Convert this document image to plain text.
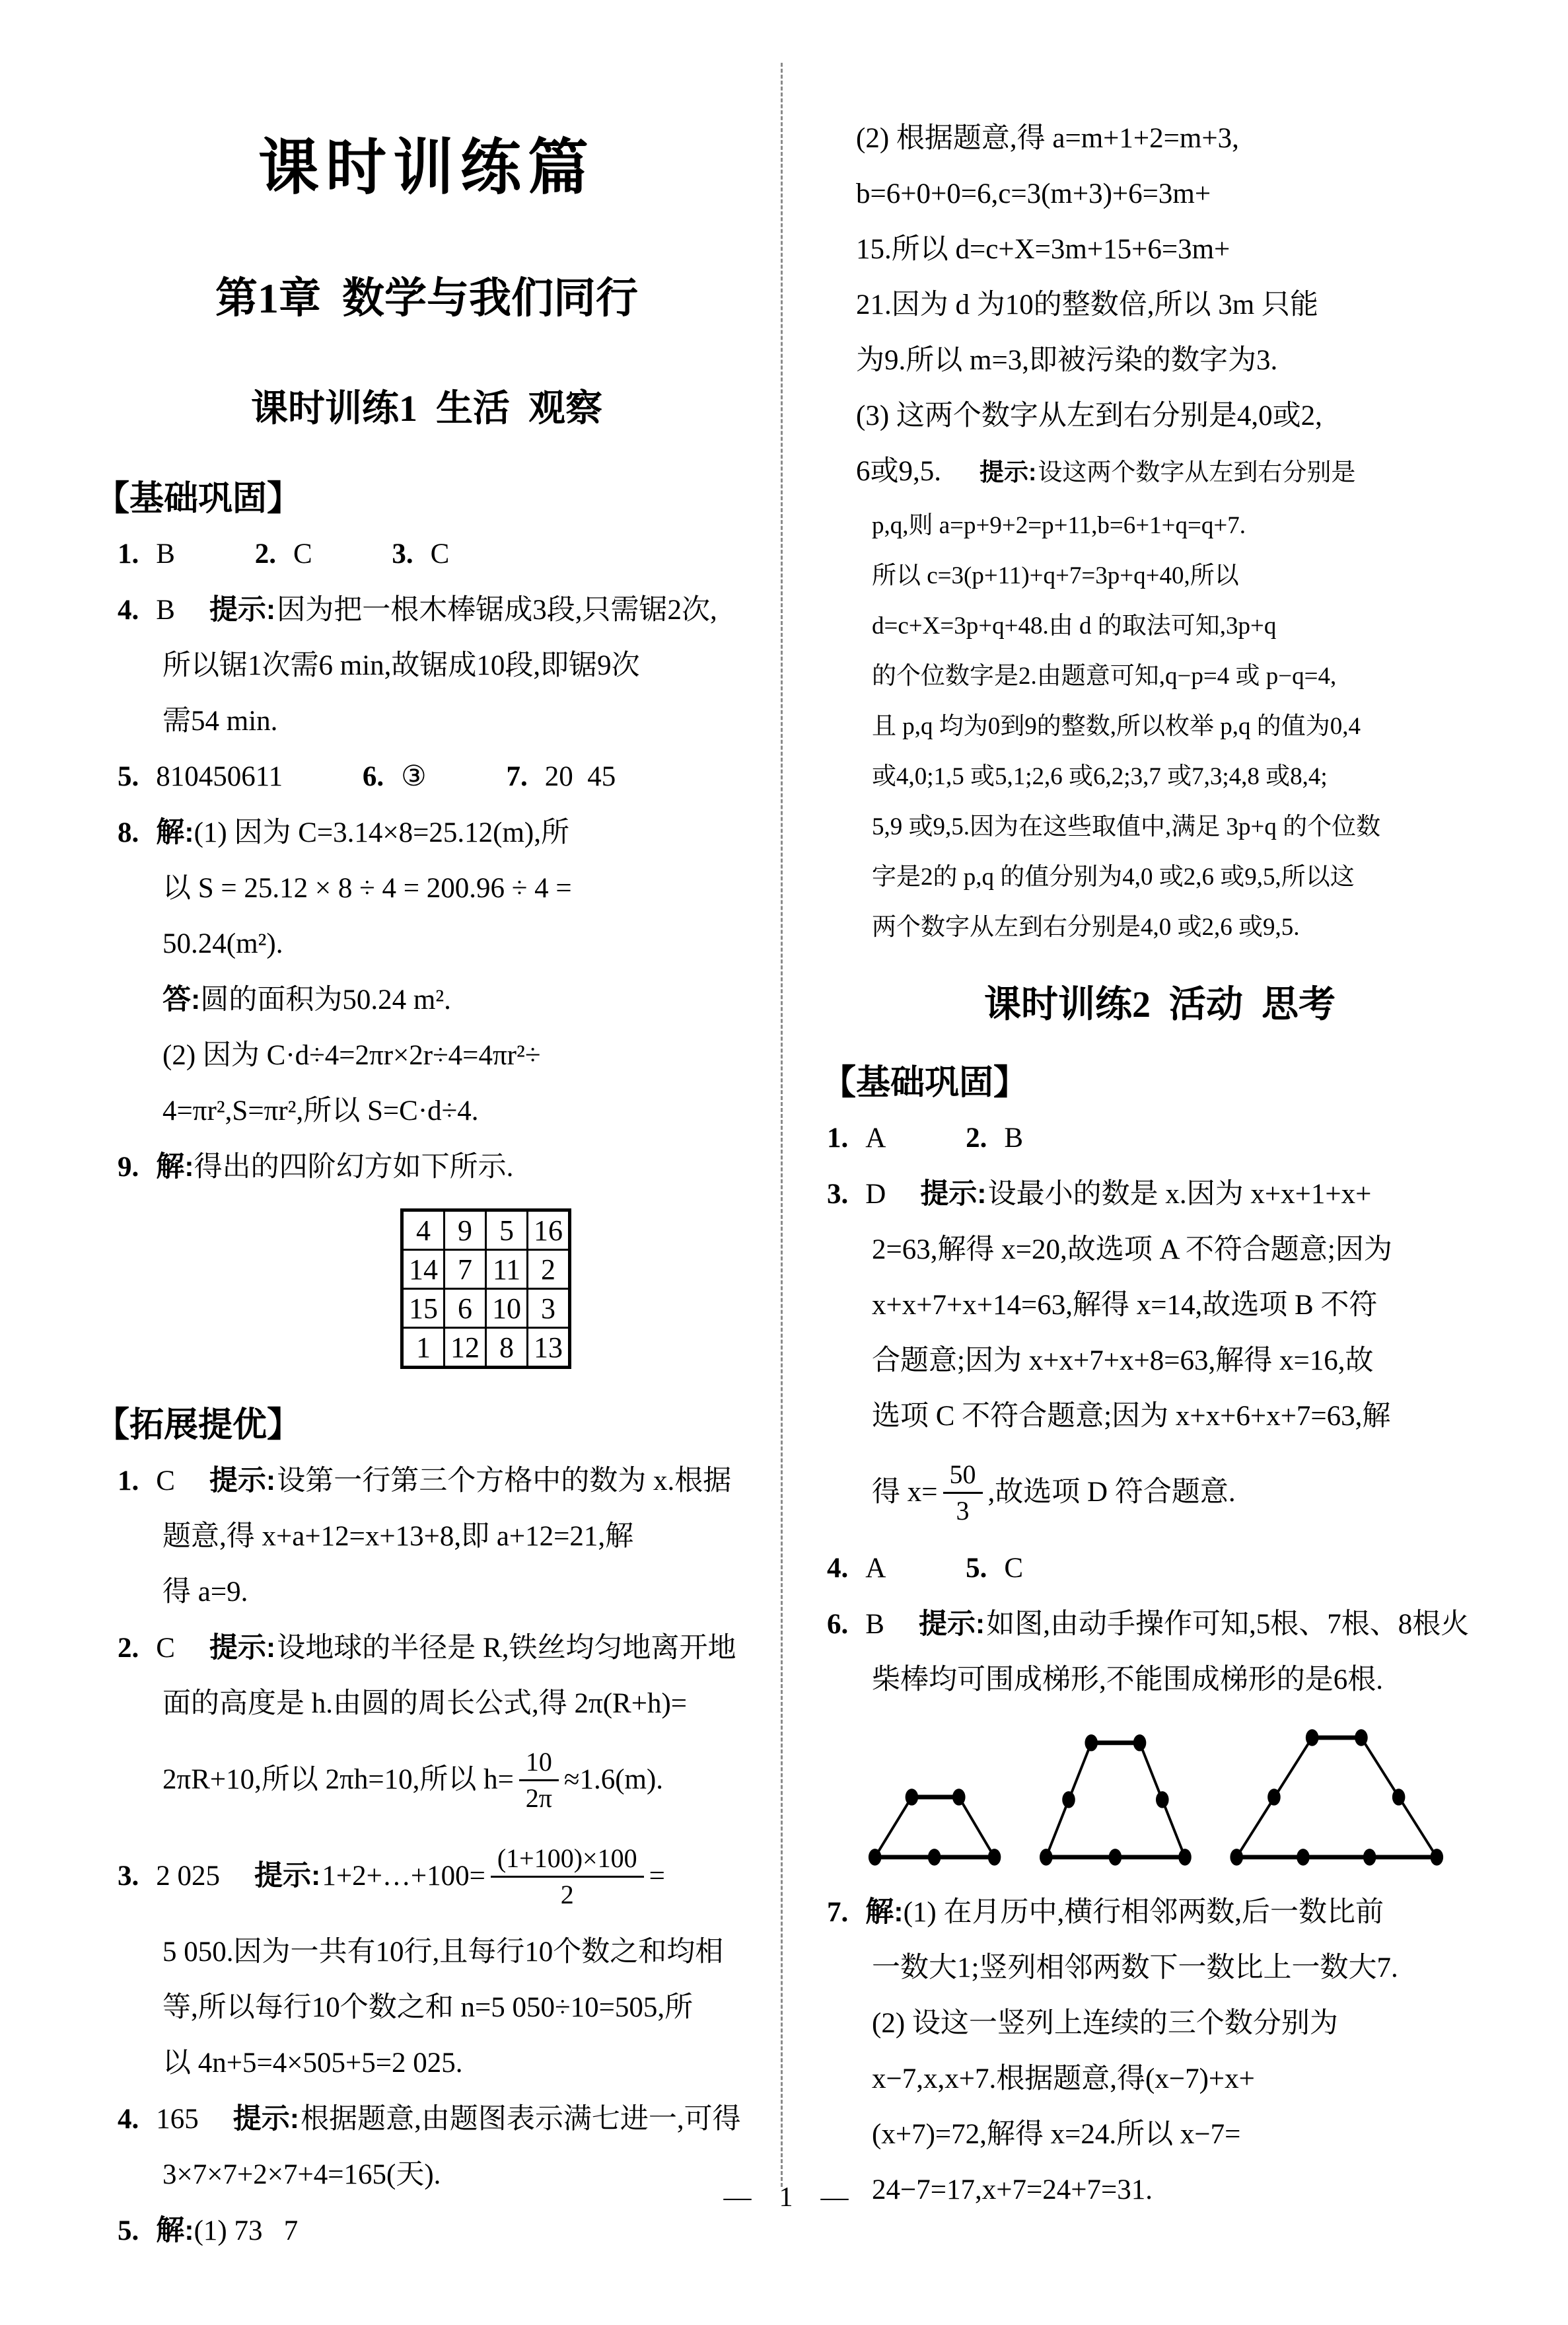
课时训练篇
第1章  数学与我们同行
课时训练1  生活  观察
【基础巩固】
1. B	2. C	3. C
4. B 提示:因为把一根木棒锯成3段,只需锯2次,
所以锯1次需6 min,故锯成10段,即锯9次
需54 min.
5. 810450611	6. ③	7. 20  45
8. 解:(1) 因为 C=3.14×8=25.12(m),所
以 S = 25.12 × 8 ÷ 4 = 200.96 ÷ 4 =
50.24(m²).
答:圆的面积为50.24 m².
(2) 因为 C·d÷4=2πr×2r÷4=4πr²÷
4=πr²,S=πr²,所以 S=C·d÷4.
9. 解:得出的四阶幻方如下所示.
4	9	5	16
14	7	11	2
15	6	10	3
1	12	8	13
【拓展提优】
1. C 提示:设第一行第三个方格中的数为 x.根据
题意,得 x+a+12=x+13+8,即 a+12=21,解
得 a=9.
2. C 提示:设地球的半径是 R,铁丝均匀地离开地
面的高度是 h.由圆的周长公式,得 2π(R+h)=
2πR+10,所以 2πh=10,所以 $h= \frac{10}{2\pi} \approx 1.6(m)$.
3. 2 025 提示: 1+2+…+100= $\frac{(1+100)\times 100}{2}$ =
5 050.因为一共有10行,且每行10个数之和均相
等,所以每行10个数之和 n=5 050÷10=505,所
以 4n+5=4×505+5=2 025.
4. 165 提示:根据题意,由题图表示满七进一,可得
3×7×7+2×7+4=165(天).
5. 解:(1) 73   7
(2) 根据题意,得 a=m+1+2=m+3,
b=6+0+0=6,c=3(m+3)+6=3m+
15.所以 d=c+X=3m+15+6=3m+
21.因为 d 为10的整数倍,所以 3m 只能
为9.所以 m=3,即被污染的数字为3.
(3) 这两个数字从左到右分别是4,0或2,
6或9,5. 提示:设这两个数字从左到右分别是
p,q,则 a=p+9+2=p+11,b=6+1+q=q+7.
所以 c=3(p+11)+q+7=3p+q+40,所以
d=c+X=3p+q+48.由 d 的取法可知,3p+q
的个位数字是2.由题意可知,q−p=4 或 p−q=4,
且 p,q 均为0到9的整数,所以枚举 p,q 的值为0,4
或4,0;1,5 或5,1;2,6 或6,2;3,7 或7,3;4,8 或8,4;
5,9 或9,5.因为在这些取值中,满足 3p+q 的个位数
字是2的 p,q 的值分别为4,0 或2,6 或9,5,所以这
两个数字从左到右分别是4,0 或2,6 或9,5.
课时训练2  活动  思考
【基础巩固】
1. A	2. B
3. D 提示:设最小的数是 x.因为 x+x+1+x+
2=63,解得 x=20,故选项 A 不符合题意;因为
x+x+7+x+14=63,解得 x=14,故选项 B 不符
合题意;因为 x+x+7+x+8=63,解得 x=16,故
选项 C 不符合题意;因为 x+x+6+x+7=63,解
得 $x= \frac{50}{3}$ ,故选项 D 符合题意.
4. A	5. C
6. B 提示:如图,由动手操作可知,5根、7根、8根火
柴棒均可围成梯形,不能围成梯形的是6根.
7. 解:(1) 在月历中,横行相邻两数,后一数比前
一数大1;竖列相邻两数下一数比上一数大7.
(2) 设这一竖列上连续的三个数分别为
x−7,x,x+7.根据题意,得(x−7)+x+
(x+7)=72,解得 x=24.所以 x−7=
24−7=17,x+7=24+7=31.
— 1 —
